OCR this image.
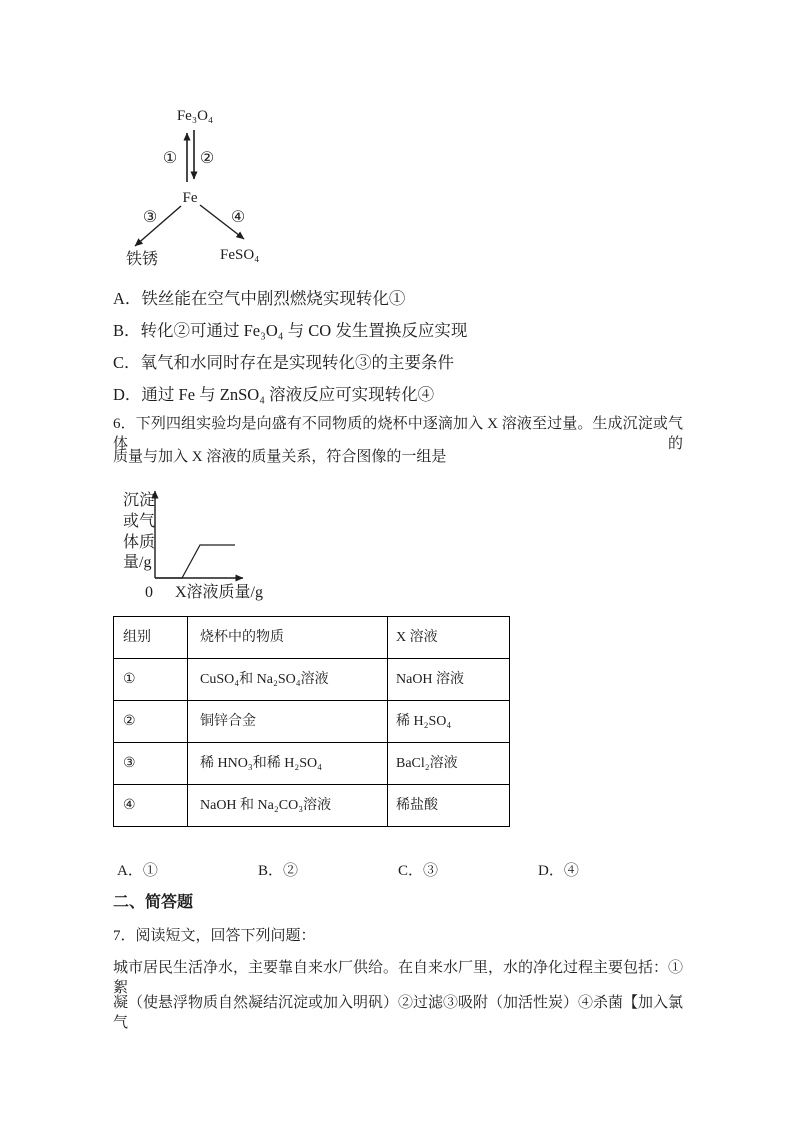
Fe₃O₄
① ②
Fe
③	④
铁锈	FeSO₄
A．铁丝能在空气中剧烈燃烧实现转化①
B．转化②可通过 Fe₃O₄ 与 CO 发生置换反应实现
C．氧气和水同时存在是实现转化③的主要条件
D．通过 Fe 与 ZnSO₄ 溶液反应可实现转化④
6．下列四组实验均是向盛有不同物质的烧杯中逐滴加入 X 溶液至过量。生成沉淀或气体的
质量与加入 X 溶液的质量关系，符合图像的一组是
沉淀
或气
体质
量/g
0 X溶液质量/g
组别	烧杯中的物质	X 溶液
①	CuSO₄和 Na₂SO₄溶液	NaOH 溶液
②	铜锌合金	稀 H₂SO₄
③	稀 HNO₃和稀 H₂SO₄	BaCl₂溶液
④	NaOH 和 Na₂CO₃溶液	稀盐酸
A．①	B．②	C．③	D．④
二、简答题
7．阅读短文，回答下列问题：
城市居民生活净水，主要靠自来水厂供给。在自来水厂里，水的净化过程主要包括：①絮
凝（使悬浮物质自然凝结沉淀或加入明矾）②过滤③吸附（加活性炭）④杀菌【加入氯气
